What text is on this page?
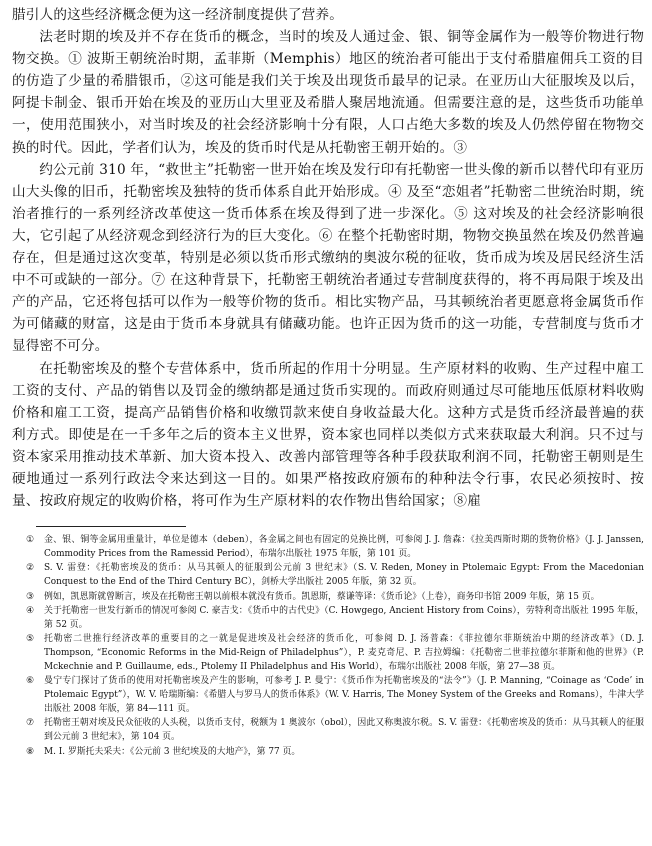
腊引人的这些经济概念便为这一经济制度提供了营养。

法老时期的埃及并不存在货币的概念，当时的埃及人通过金、银、铜等金属作为一般等价物进行物物交换。① 波斯王朝统治时期，孟菲斯（Memphis）地区的统治者可能出于支付希腊雇佣兵工资的目的仿造了少量的希腊银币，②这可能是我们关于埃及出现货币最早的记录。在亚历山大征服埃及以后，阿提卡制金、银币开始在埃及的亚历山大里亚及希腊人聚居地流通。但需要注意的是，这些货币功能单一，使用范围狭小，对当时埃及的社会经济影响十分有限，人口占绝大多数的埃及人仍然停留在物物交换的时代。因此，学者们认为，埃及的货币时代是从托勒密王朝开始的。③

约公元前 310 年，“救世主”托勒密一世开始在埃及发行印有托勒密一世头像的新币以替代印有亚历山大头像的旧币，托勒密埃及独特的货币体系自此开始形成。④ 及至“恋姐者”托勒密二世统治时期，统治者推行的一系列经济改革使这一货币体系在埃及得到了进一步深化。⑤ 这对埃及的社会经济影响很大，它引起了从经济观念到经济行为的巨大变化。⑥ 在整个托勒密时期，物物交换虽然在埃及仍然普遍存在，但是通过这次变革，特别是必须以货币形式缴纳的奥波尔税的征收，货币成为埃及居民经济生活中不可或缺的一部分。⑦ 在这种背景下，托勒密王朝统治者通过专营制度获得的，将不再局限于埃及出产的产品，它还将包括可以作为一般等价物的货币。相比实物产品，马其顿统治者更愿意将金属货币作为可储藏的财富，这是由于货币本身就具有储藏功能。也许正因为货币的这一功能，专营制度与货币才显得密不可分。

在托勒密埃及的整个专营体系中，货币所起的作用十分明显。生产原材料的收购、生产过程中雇工工资的支付、产品的销售以及罚金的缴纳都是通过货币实现的。而政府则通过尽可能地压低原材料收购价格和雇工工资，提高产品销售价格和收缴罚款来使自身收益最大化。这种方式是货币经济最普遍的获利方式。即使是在一千多年之后的资本主义世界，资本家也同样以类似方式来获取最大利润。只不过与资本家采用推动技术革新、加大资本投入、改善内部管理等各种手段获取利润不同，托勒密王朝则是生硬地通过一系列行政法令来达到这一目的。如果严格按政府颁布的种种法令行事，农民必须按时、按量、按政府规定的收购价格，将可作为生产原材料的农作物出售给国家；⑧雇

①	金、银、铜等金属用重量计，单位是德本（deben），各金属之间也有固定的兑换比例，可参阅 J. J. 詹森：《拉美西斯时期的货物价格》（J. J. Janssen, Commodity Prices from the Ramessid Period），布瑞尔出版社 1975 年版，第 101 页。
②	S. V. 雷登：《托勒密埃及的货币：从马其顿人的征服到公元前 3 世纪末》（S. V. Reden, Money in Ptolemaic Egypt: From the Macedonian Conquest to the End of the Third Century BC），剑桥大学出版社 2005 年版，第 32 页。
③	例如，凯恩斯就曾断言，埃及在托勒密王朝以前根本就没有货币。凯恩斯，蔡谦等译：《货币论》（上卷），商务印书馆 2009 年版，第 15 页。
④	关于托勒密一世发行新币的情况可参阅 C. 豪吉戈：《货币中的古代史》（C. Howgego, Ancient History from Coins），劳特利奇出版社 1995 年版，第 52 页。
⑤	托勒密二世推行经济改革的重要目的之一就是促进埃及社会经济的货币化，可参阅 D. J. 汤普森：《菲拉德尔菲斯统治中期的经济改革》（D. J. Thompson, “Economic Reforms in the Mid-Reign of Philadelphus”），P. 麦克奇尼、P. 吉拉姆编：《托勒密二世菲拉德尔菲斯和他的世界》（P. Mckechnie and P. Guillaume, eds., Ptolemy II Philadelphus and His World），布瑞尔出版社 2008 年版，第 27—38 页。
⑥	曼宁专门探讨了货币的使用对托勒密埃及产生的影响，可参考 J. P. 曼宁：《货币作为托勒密埃及的“法令”》（J. P. Manning, “Coinage as ‘Code’ in Ptolemaic Egypt”），W. V. 哈瑞斯编：《希腊人与罗马人的货币体系》（W. V. Harris, The Money System of the Greeks and Romans），牛津大学出版社 2008 年版，第 84—111 页。
⑦	托勒密王朝对埃及民众征收的人头税，以货币支付，税额为 1 奥波尔（obol），因此又称奥波尔税。S. V. 雷登：《托勒密埃及的货币：从马其顿人的征服到公元前 3 世纪末》，第 104 页。
⑧	M. I. 罗斯托夫采夫：《公元前 3 世纪埃及的大地产》，第 77 页。
